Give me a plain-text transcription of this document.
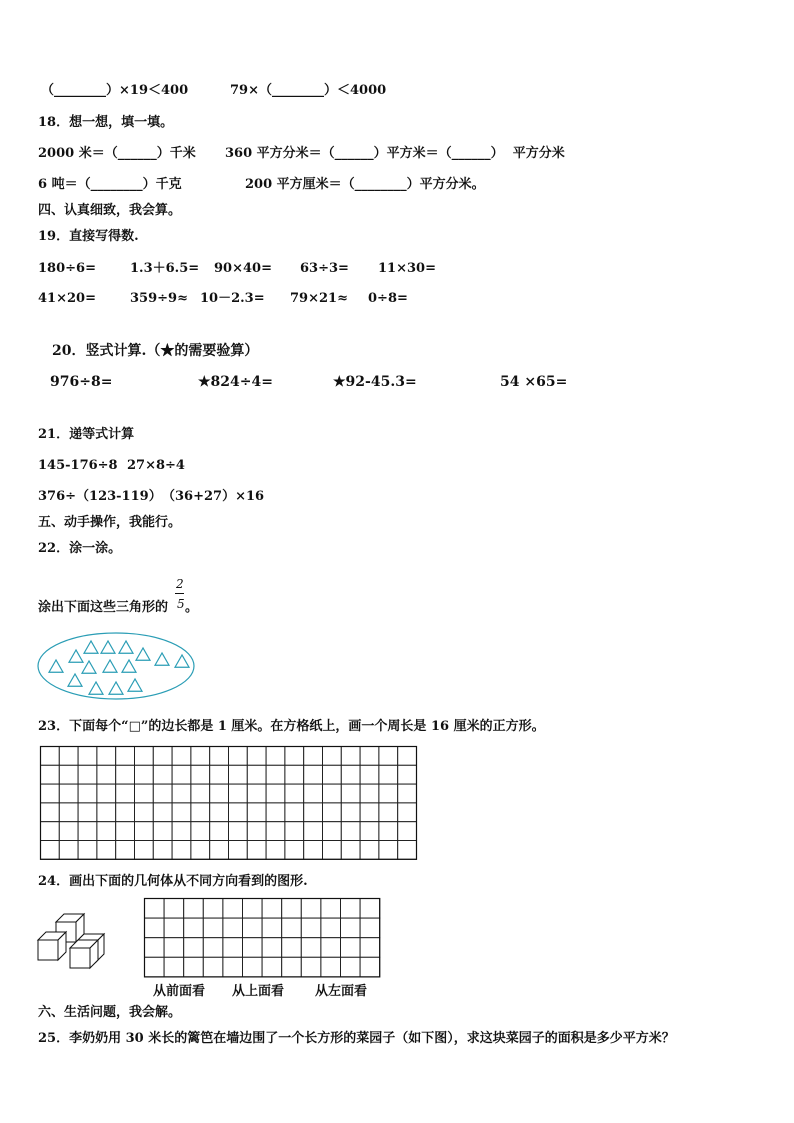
（________）×19＜400	79×（________）＜4000
18．想一想，填一填。
2000 米＝（______）千米 360 平方分米＝（______）平方米＝（______）  平方分米
6 吨＝（________）千克	200 平方厘米＝（________）平方分米。
四、认真细致，我会算。
19．直接写得数.
180÷6=	1.3＋6.5= 90×40= 63÷3= 11×30=
41×20=	359÷9≈ 10－2.3= 79×21≈ 0÷8=
20．竖式计算.（★的需要验算）
976÷8=	★824÷4=	★92-45.3=	54 ×65=
21．递等式计算
145-176÷8 27×8÷4
376÷（123-119） （36+27）×16
五、动手操作，我能行。
22．涂一涂。
涂出下面这些三角形的
2
5 。
23．下面每个“□”的边长都是 1 厘米。在方格纸上，画一个周长是 16 厘米的正方形。
24．画出下面的几何体从不同方向看到的图形.
从前面看 从上面看 从左面看
六、生活问题，我会解。
25．李奶奶用 30 米长的篱笆在墙边围了一个长方形的菜园子（如下图），求这块菜园子的面积是多少平方米？
